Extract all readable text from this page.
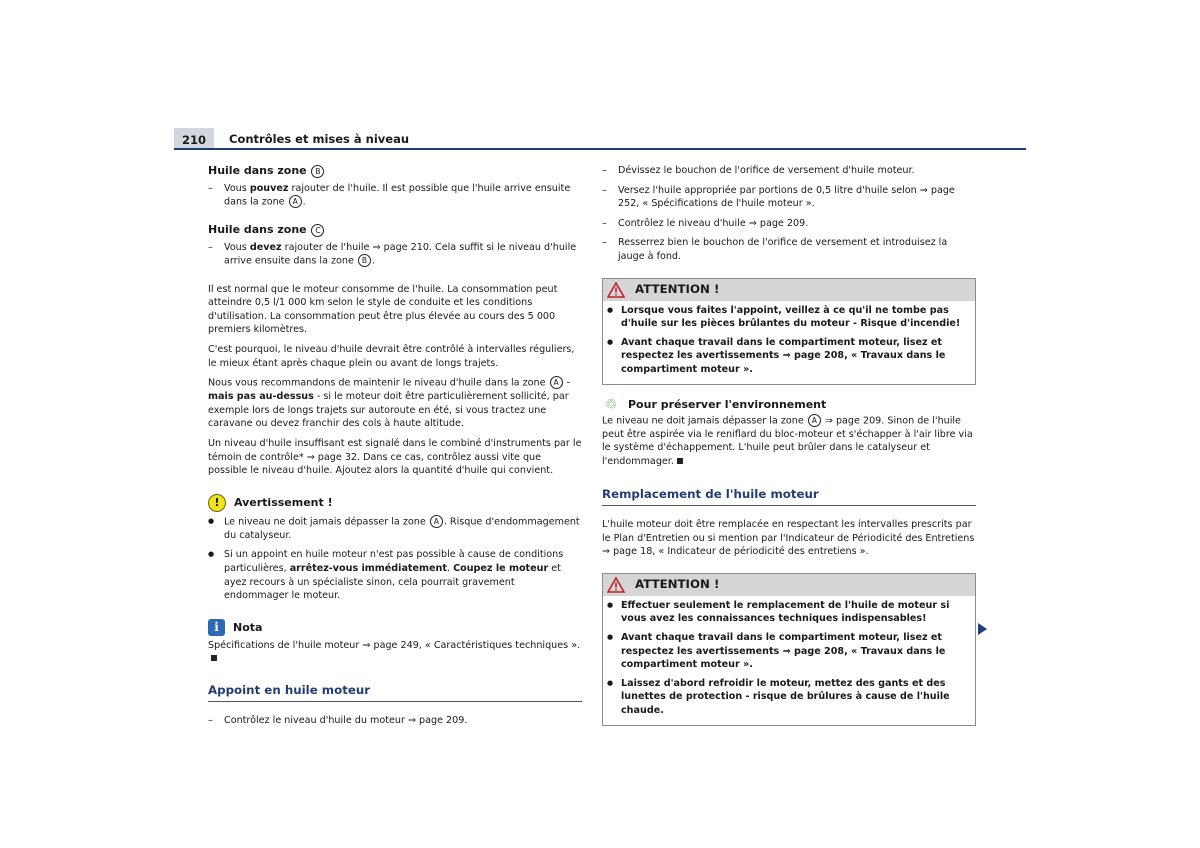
210	Contrôles et mises à niveau
Huile dans zone B
– Vous pouvez rajouter de l'huile. Il est possible que l'huile arrive ensuite dans la zone A .
Huile dans zone C
– Vous devez rajouter de l'huile ⇒ page 210. Cela suffit si le niveau d'huile arrive ensuite dans la zone B .

Il est normal que le moteur consomme de l'huile. La consommation peut atteindre 0,5 l/1 000 km selon le style de conduite et les conditions d'utilisation. La consommation peut être plus élevée au cours des 5 000 premiers kilomètres.

C'est pourquoi, le niveau d'huile devrait être contrôlé à intervalles réguliers, le mieux étant après chaque plein ou avant de longs trajets.

Nous vous recommandons de maintenir le niveau d'huile dans la zone A - mais pas au-dessus - si le moteur doit être particulièrement sollicité, par exemple lors de longs trajets sur autoroute en été, si vous tractez une caravane ou devez franchir des cols à haute altitude.

Un niveau d'huile insuffisant est signalé dans le combiné d'instruments par le témoin de contrôle* ⇒ page 32. Dans ce cas, contrôlez aussi vite que possible le niveau d'huile. Ajoutez alors la quantité d'huile qui convient.

!	Avertissement !
● Le niveau ne doit jamais dépasser la zone A . Risque d'endommagement du catalyseur.
● Si un appoint en huile moteur n'est pas possible à cause de conditions particulières, arrêtez-vous immédiatement. Coupez le moteur et ayez recours à un spécialiste sinon, cela pourrait gravement endommager le moteur.
i	Nota

Spécifications de l'huile moteur ⇒ page 249, « Caractéristiques techniques ».

Appoint en huile moteur
– Contrôlez le niveau d'huile du moteur ⇒ page 209.
– Dévissez le bouchon de l'orifice de versement d'huile moteur.
– Versez l'huile appropriée par portions de 0,5 litre d'huile selon ⇒ page 252, « Spécifications de l'huile moteur ».
– Contrôlez le niveau d'huile ⇒ page 209.
– Resserrez bien le bouchon de l'orifice de versement et introduisez la jauge à fond.
ATTENTION !
● Lorsque vous faites l'appoint, veillez à ce qu'il ne tombe pas d'huile sur les pièces brûlantes du moteur - Risque d'incendie!
● Avant chaque travail dans le compartiment moteur, lisez et respectez les avertissements ⇒ page 208, « Travaux dans le compartiment moteur ».
♲ Pour préserver l'environnement

Le niveau ne doit jamais dépasser la zone A ⇒ page 209. Sinon de l'huile peut être aspirée via le reniflard du bloc-moteur et s'échapper à l'air libre via le système d'échappement. L'huile peut brûler dans le catalyseur et l'endommager.

Remplacement de l'huile moteur

L'huile moteur doit être remplacée en respectant les intervalles prescrits par le Plan d'Entretien ou si mention par l'Indicateur de Périodicité des Entretiens ⇒ page 18, « Indicateur de périodicité des entretiens ».

ATTENTION !
● Effectuer seulement le remplacement de l'huile de moteur si vous avez les connaissances techniques indispensables!
● Avant chaque travail dans le compartiment moteur, lisez et respectez les avertissements ⇒ page 208, « Travaux dans le compartiment moteur ».
● Laissez d'abord refroidir le moteur, mettez des gants et des lunettes de protection - risque de brûlures à cause de l'huile chaude.
